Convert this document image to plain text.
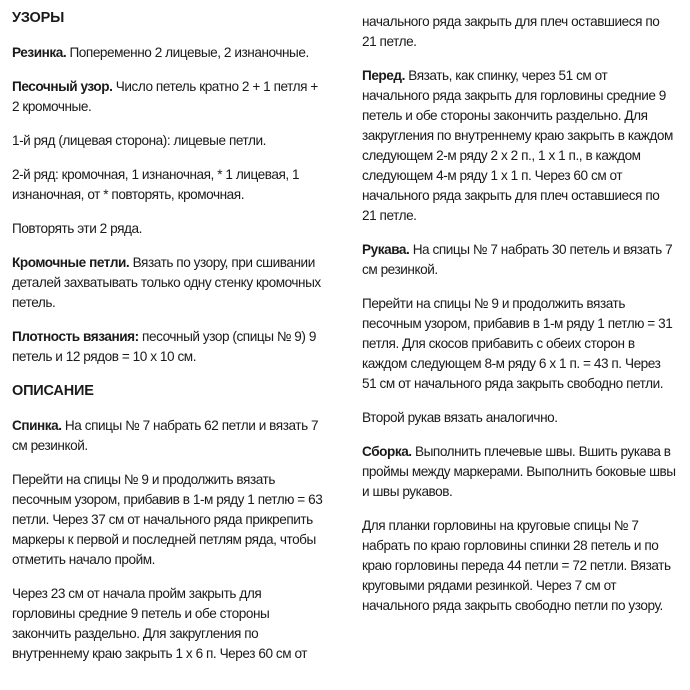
УЗОРЫ

Резинка. Попеременно 2 лицевые, 2 изнаночные.

Песочный узор. Число петель кратно 2 + 1 петля +
2 кромочные.

1-й ряд (лицевая сторона): лицевые петли.

2-й ряд: кромочная, 1 изнаночная, * 1 лицевая, 1
изнаночная, от * повторять, кромочная.

Повторять эти 2 ряда.

Кромочные петли. Вязать по узору, при сшивании
деталей захватывать только одну стенку кромочных
петель.

Плотность вязания: песочный узор (спицы № 9) 9
петель и 12 рядов = 10 х 10 см.

ОПИСАНИЕ

Спинка. На спицы № 7 набрать 62 петли и вязать 7
см резинкой.

Перейти на спицы № 9 и продолжить вязать
песочным узором, прибавив в 1-м ряду 1 петлю = 63
петли. Через 37 см от начального ряда прикрепить
маркеры к первой и последней петлям ряда, чтобы
отметить начало пройм.

Через 23 см от начала пройм закрыть для
горловины средние 9 петель и обе стороны
закончить раздельно. Для закругления по
внутреннему краю закрыть 1 х 6 п. Через 60 см от

начального ряда закрыть для плеч оставшиеся по
21 петле.

Перед. Вязать, как спинку, через 51 см от
начального ряда закрыть для горловины средние 9
петель и обе стороны закончить раздельно. Для
закругления по внутреннему краю закрыть в каждом
следующем 2-м ряду 2 х 2 п., 1 х 1 п., в каждом
следующем 4-м ряду 1 х 1 п. Через 60 см от
начального ряда закрыть для плеч оставшиеся по
21 петле.

Рукава. На спицы № 7 набрать 30 петель и вязать 7
см резинкой.

Перейти на спицы № 9 и продолжить вязать
песочным узором, прибавив в 1-м ряду 1 петлю = 31
петля. Для скосов прибавить с обеих сторон в
каждом следующем 8-м ряду 6 х 1 п. = 43 п. Через
51 см от начального ряда закрыть свободно петли.

Второй рукав вязать аналогично.

Сборка. Выполнить плечевые швы. Вшить рукава в
проймы между маркерами. Выполнить боковые швы
и швы рукавов.

Для планки горловины на круговые спицы № 7
набрать по краю горловины спинки 28 петель и по
краю горловины переда 44 петли = 72 петли. Вязать
круговыми рядами резинкой. Через 7 см от
начального ряда закрыть свободно петли по узору.
